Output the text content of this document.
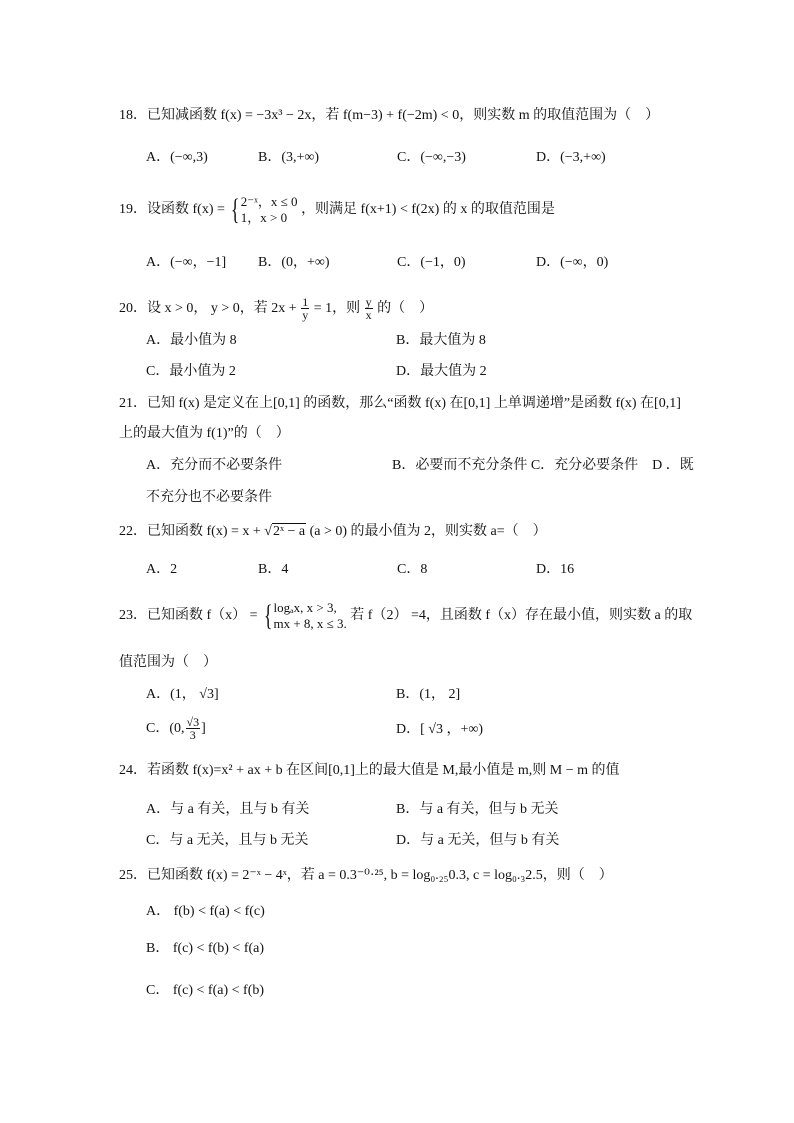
18．已知减函数 f(x) = −3x³ − 2x，若 f(m−3) + f(−2m) < 0，则实数 m 的取值范围为（　）
A．(−∞,3)	B．(3,+∞)	C．(−∞,−3)	D．(−3,+∞)
19．设函数 f(x) = { 2⁻ˣ，x ≤ 0
1，x > 0
，则满足 f(x+1) < f(2x) 的 x 的取值范围是
A．(−∞，−1] B．(0，+∞)	C．(−1，0)	D．(−∞，0)
20．设 x > 0， y > 0，若 $2x + \frac{1}{y} = 1$，则 $\frac{y}{x}$ 的（　）
A．最小值为 8	B．最大值为 8
C．最小值为 2	D．最大值为 2
21．已知 f(x) 是定义在上[0,1] 的函数，那么“函数 f(x) 在[0,1] 上单调递增”是函数 f(x) 在[0,1]
上的最大值为 f(1)”的（　）
A．充分而不必要条件	B．必要而不充分条件 C．充分必要条件　D ．既
不充分也不必要条件
22．已知函数 f(x) = x + √2ˣ − a (a > 0) 的最小值为 2，则实数 a=（　）
A．2	B．4	C．8	D．16
23．已知函数 f（x） = { logₐx, x > 3,
mx + 8, x ≤ 3.
若 f（2） =4，且函数 f（x）存在最小值，则实数 a 的取
值范围为（　）
A．(1， √3]	B．(1， 2]
C．(0, $\frac{√3}{3}$ ]	D．[ √3 ，+∞)
24．若函数 f(x)=x² + ax + b 在区间[0,1]上的最大值是 M,最小值是 m,则 M − m 的值
A．与 a 有关，且与 b 有关	B．与 a 有关，但与 b 无关
C．与 a 无关，且与 b 无关	D．与 a 无关，但与 b 有关
25．已知函数 f(x) = 2⁻ˣ − 4ˣ，若 a = 0.3⁻⁰·²⁵, b = log₀.₂₅0.3, c = log₀.₃2.5，则（　）
A． f(b) < f(a) < f(c)
B． f(c) < f(b) < f(a)
C． f(c) < f(a) < f(b)
